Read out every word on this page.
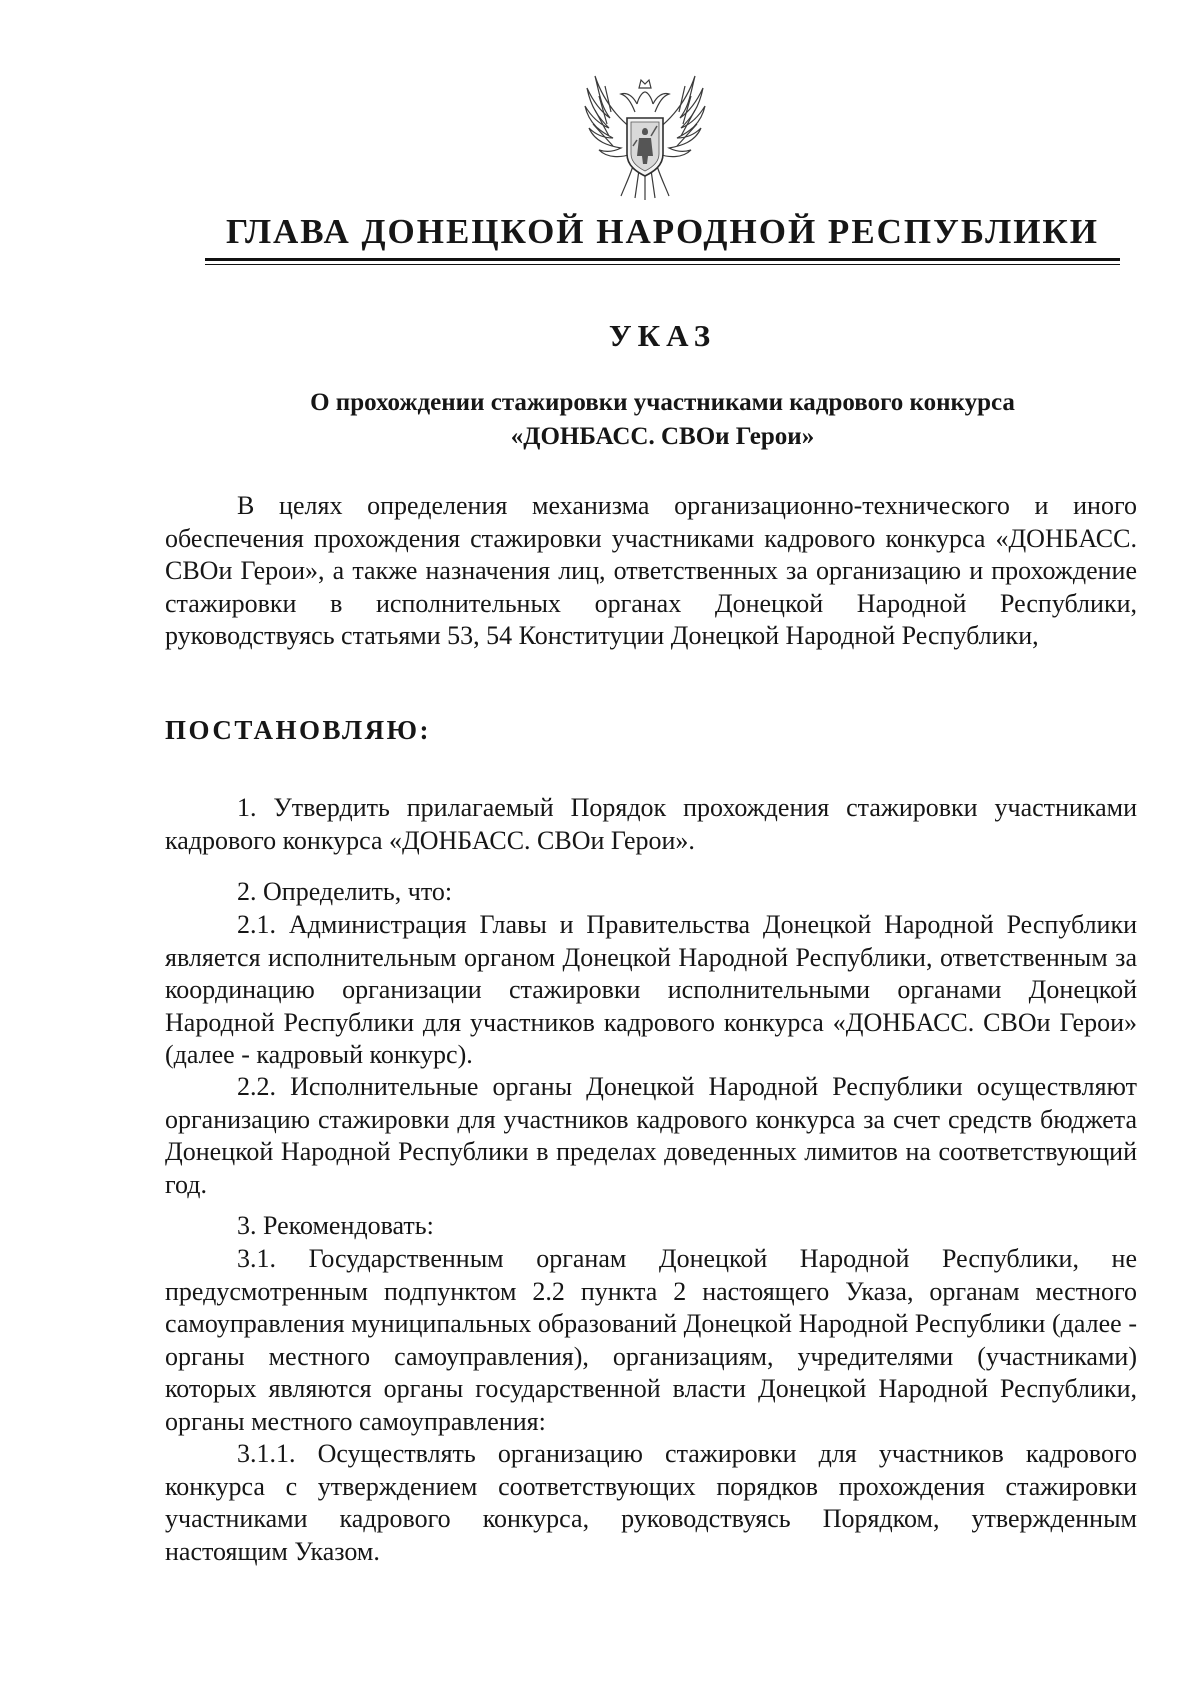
ГЛАВА ДОНЕЦКОЙ НАРОДНОЙ РЕСПУБЛИКИ
УКАЗ
О прохождении стажировки участниками кадрового конкурса
«ДОНБАСС. СВОи Герои»
В целях определения механизма организационно-технического и иного обеспечения прохождения стажировки участниками кадрового конкурса «ДОНБАСС. СВОи Герои», а также назначения лиц, ответственных за организацию и прохождение стажировки в исполнительных органах Донецкой Народной Республики, руководствуясь статьями 53, 54 Конституции Донецкой Народной Республики,
ПОСТАНОВЛЯЮ:
1. Утвердить прилагаемый Порядок прохождения стажировки участниками кадрового конкурса «ДОНБАСС. СВОи Герои».
2. Определить, что:
2.1. Администрация Главы и Правительства Донецкой Народной Республики является исполнительным органом Донецкой Народной Республики, ответственным за координацию организации стажировки исполнительными органами Донецкой Народной Республики для участников кадрового конкурса «ДОНБАСС. СВОи Герои» (далее - кадровый конкурс).
2.2. Исполнительные органы Донецкой Народной Республики осуществляют организацию стажировки для участников кадрового конкурса за счет средств бюджета Донецкой Народной Республики в пределах доведенных лимитов на соответствующий год.
3. Рекомендовать:
3.1. Государственным органам Донецкой Народной Республики, не предусмотренным подпунктом 2.2 пункта 2 настоящего Указа, органам местного самоуправления муниципальных образований Донецкой Народной Республики (далее - органы местного самоуправления), организациям, учредителями (участниками) которых являются органы государственной власти Донецкой Народной Республики, органы местного самоуправления:
3.1.1. Осуществлять организацию стажировки для участников кадрового конкурса с утверждением соответствующих порядков прохождения стажировки участниками кадрового конкурса, руководствуясь Порядком, утвержденным настоящим Указом.
